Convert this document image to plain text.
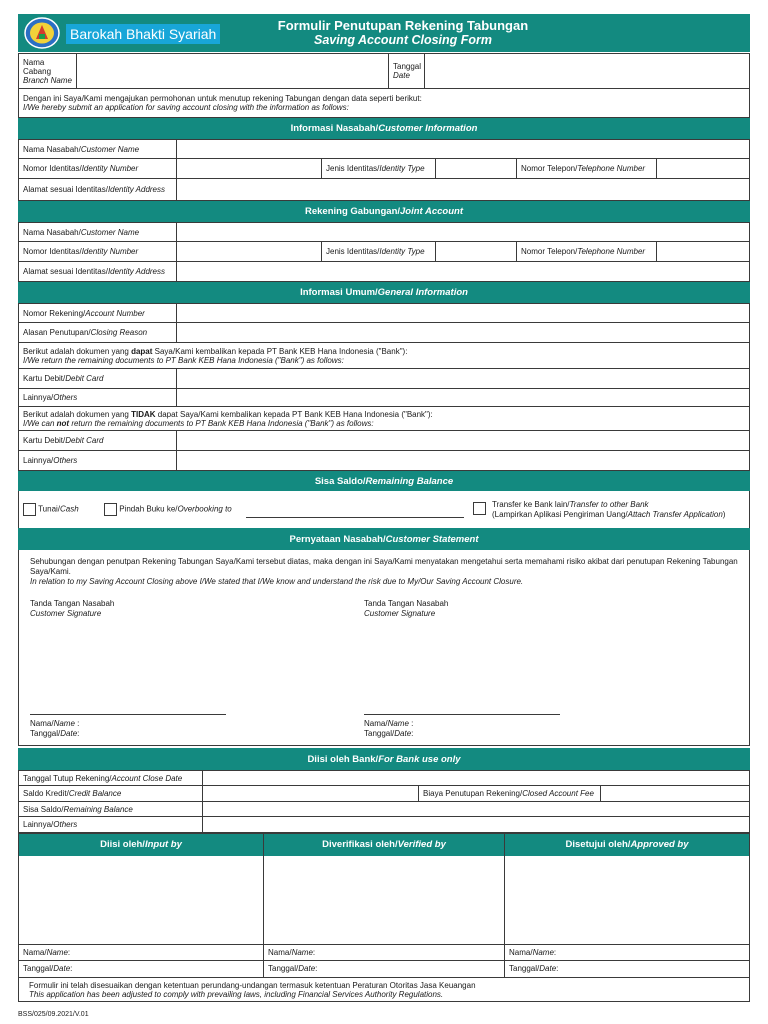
Barokah Bhakti Syariah
Formulir Penutupan Rekening Tabungan
Saving Account Closing Form
Nama Cabang
Branch Name
Tanggal
Date
Dengan ini Saya/Kami mengajukan permohonan untuk menutup rekening Tabungan dengan data seperti berikut:
I/We hereby submit an application for saving account closing with the information as follows:
Informasi Nasabah/ Customer Information
Nama Nasabah/Customer Name
Nomor Identitas/Identity Number	Jenis Identitas/Identity Type	Nomor Telepon/Telephone Number
Alamat sesuai Identitas/Identity Address
Rekening Gabungan/ Joint Account
Nama Nasabah/Customer Name
Nomor Identitas/Identity Number	Jenis Identitas/Identity Type	Nomor Telepon/Telephone Number
Alamat sesuai Identitas/Identity Address
Informasi Umum/ General Information
Nomor Rekening/Account Number
Alasan Penutupan/Closing Reason
Berikut adalah dokumen yang dapat Saya/Kami kembalikan kepada PT Bank KEB Hana Indonesia ("Bank"):
I/We return the remaining documents to PT Bank KEB Hana Indonesia ("Bank") as follows:
Kartu Debit/Debit Card
Lainnya/Others
Berikut adalah dokumen yang TIDAK dapat Saya/Kami kembalikan kepada PT Bank KEB Hana Indonesia ("Bank"):
I/We can not return the remaining documents to PT Bank KEB Hana Indonesia ("Bank") as follows:
Kartu Debit/Debit Card
Lainnya/Others
Sisa Saldo/ Remaining Balance
Tunai/Cash	Pindah Buku ke/Overbooking to
Transfer ke Bank lain/Transfer to other Bank
(Lampirkan Aplikasi Pengiriman Uang/Attach Transfer Application)
Pernyataan Nasabah/ Customer Statement
Sehubungan dengan penutpan Rekening Tabungan Saya/Kami tersebut diatas, maka dengan ini Saya/Kami menyatakan mengetahui serta memahami risiko akibat dari penutupan Rekening Tabungan Saya/Kami.
In relation to my Saving Account Closing above I/We stated that I/We know and understand the risk due to My/Our Saving Account Closure.
Tanda Tangan Nasabah
Customer Signature
Tanda Tangan Nasabah
Customer Signature
Nama/Name :
Tanggal/Date:
Nama/Name :
Tanggal/Date:
Diisi oleh Bank/ For Bank use only
Tanggal Tutup Rekening/Account Close Date
Saldo Kredit/Credit Balance	Biaya Penutupan Rekening/Closed Account Fee
Sisa Saldo/Remaining Balance
Lainnya/Others
Diisi oleh/ Input by
Nama/Name:
Tanggal/Date:
Diverifikasi oleh/ Verified by
Nama/Name:
Tanggal/Date:
Disetujui oleh/ Approved by
Nama/Name:
Tanggal/Date:
Formulir ini telah disesuaikan dengan ketentuan perundang-undangan termasuk ketentuan Peraturan Otoritas Jasa Keuangan
This application has been adjusted to comply with prevailing laws, including Financial Services Authority Regulations.
BSS/025/09.2021/V.01
